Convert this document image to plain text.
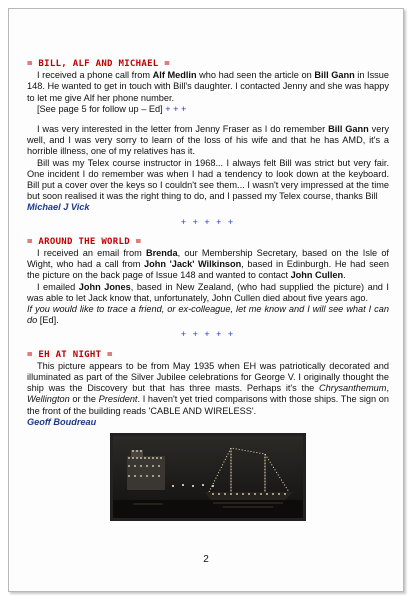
= BILL, ALF AND MICHAEL =

I received a phone call from Alf Medlin who had seen the article on Bill Gann in Issue 148. He wanted to get in touch with Bill's daughter. I contacted Jenny and she was happy to let me give Alf her phone number.

[See page 5 for follow up – Ed] + + +

I was very interested in the letter from Jenny Fraser as I do remember Bill Gann very well, and I was very sorry to learn of the loss of his wife and that he has AMD, it's a horrible illness, one of my relatives has it.

Bill was my Telex course instructor in 1968... I always felt Bill was strict but very fair. One incident I do remember was when I had a tendency to look down at the keyboard. Bill put a cover over the keys so I couldn't see them... I wasn't very impressed at the time but soon realised it was the right thing to do, and I passed my Telex course, thanks Bill

Michael J Vick

+ + + + +
= AROUND THE WORLD =

I received an email from Brenda, our Membership Secretary, based on the Isle of Wight, who had a call from John 'Jack' Wilkinson, based in Edinburgh. He had seen the picture on the back page of Issue 148 and wanted to contact John Cullen.

I emailed John Jones, based in New Zealand, (who had supplied the picture) and I was able to let Jack know that, unfortunately, John Cullen died about five years ago.

If you would like to trace a friend, or ex-colleague, let me know and I will see what I can do [Ed].

+ + + + +
= EH AT NIGHT =

This picture appears to be from May 1935 when EH was patriotically decorated and illuminated as part of the Silver Jubilee celebrations for George V. I originally thought the ship was the Discovery but that has three masts. Perhaps it's the Chrysanthemum, Wellington or the President. I haven't yet tried comparisons with those ships. The sign on the front of the building reads 'CABLE AND WIRELESS'.

Geoff Boudreau

2
